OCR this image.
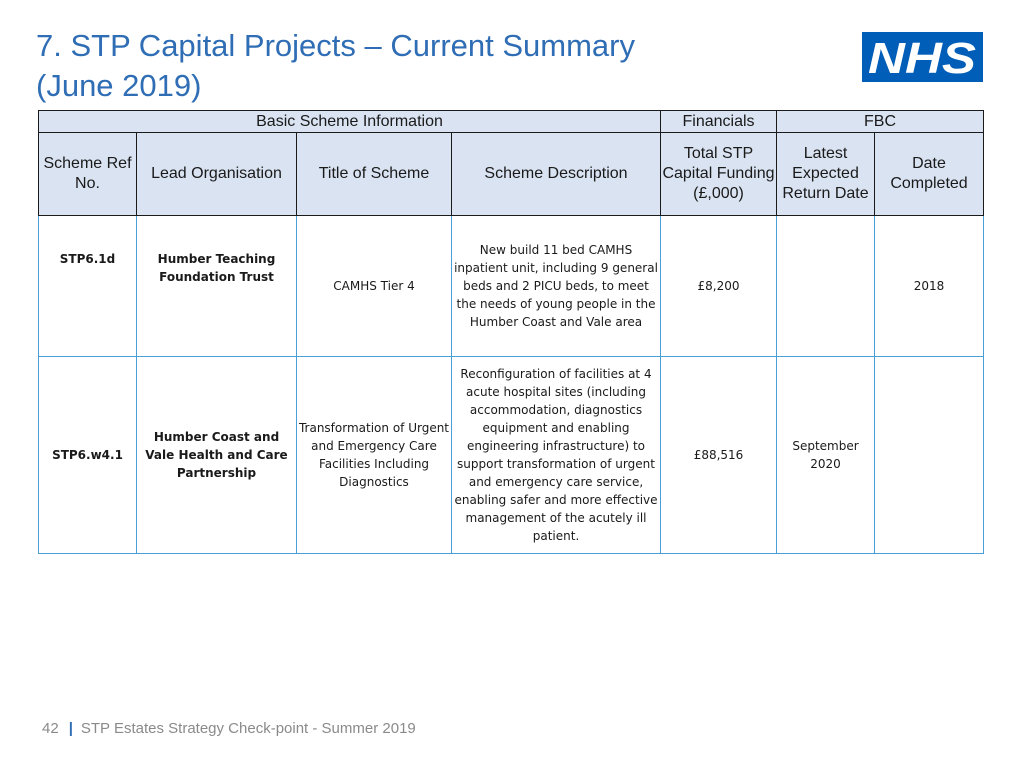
7. STP Capital Projects – Current Summary
(June 2019)
NHS
Basic Scheme Information				Financials	FBC	
Scheme Ref No.	Lead Organisation	Title of Scheme	Scheme Description	Total STP Capital Funding (£,000)	Latest Expected Return Date	Date Completed
STP6.1d	Humber Teaching Foundation Trust	CAMHS Tier 4	New build 11 bed CAMHS inpatient unit, including 9 general beds and 2 PICU beds, to meet the needs of young people in the Humber Coast and Vale area	£8,200		2018
STP6.w4.1	Humber Coast and Vale Health and Care Partnership	Transformation of Urgent and Emergency Care Facilities Including Diagnostics	Reconfiguration of facilities at 4 acute hospital sites (including accommodation, diagnostics equipment and enabling engineering infrastructure) to support transformation of urgent and emergency care service, enabling safer and more effective management of the acutely ill patient.	£88,516	September 2020	
42 | STP Estates Strategy Check-point - Summer 2019
